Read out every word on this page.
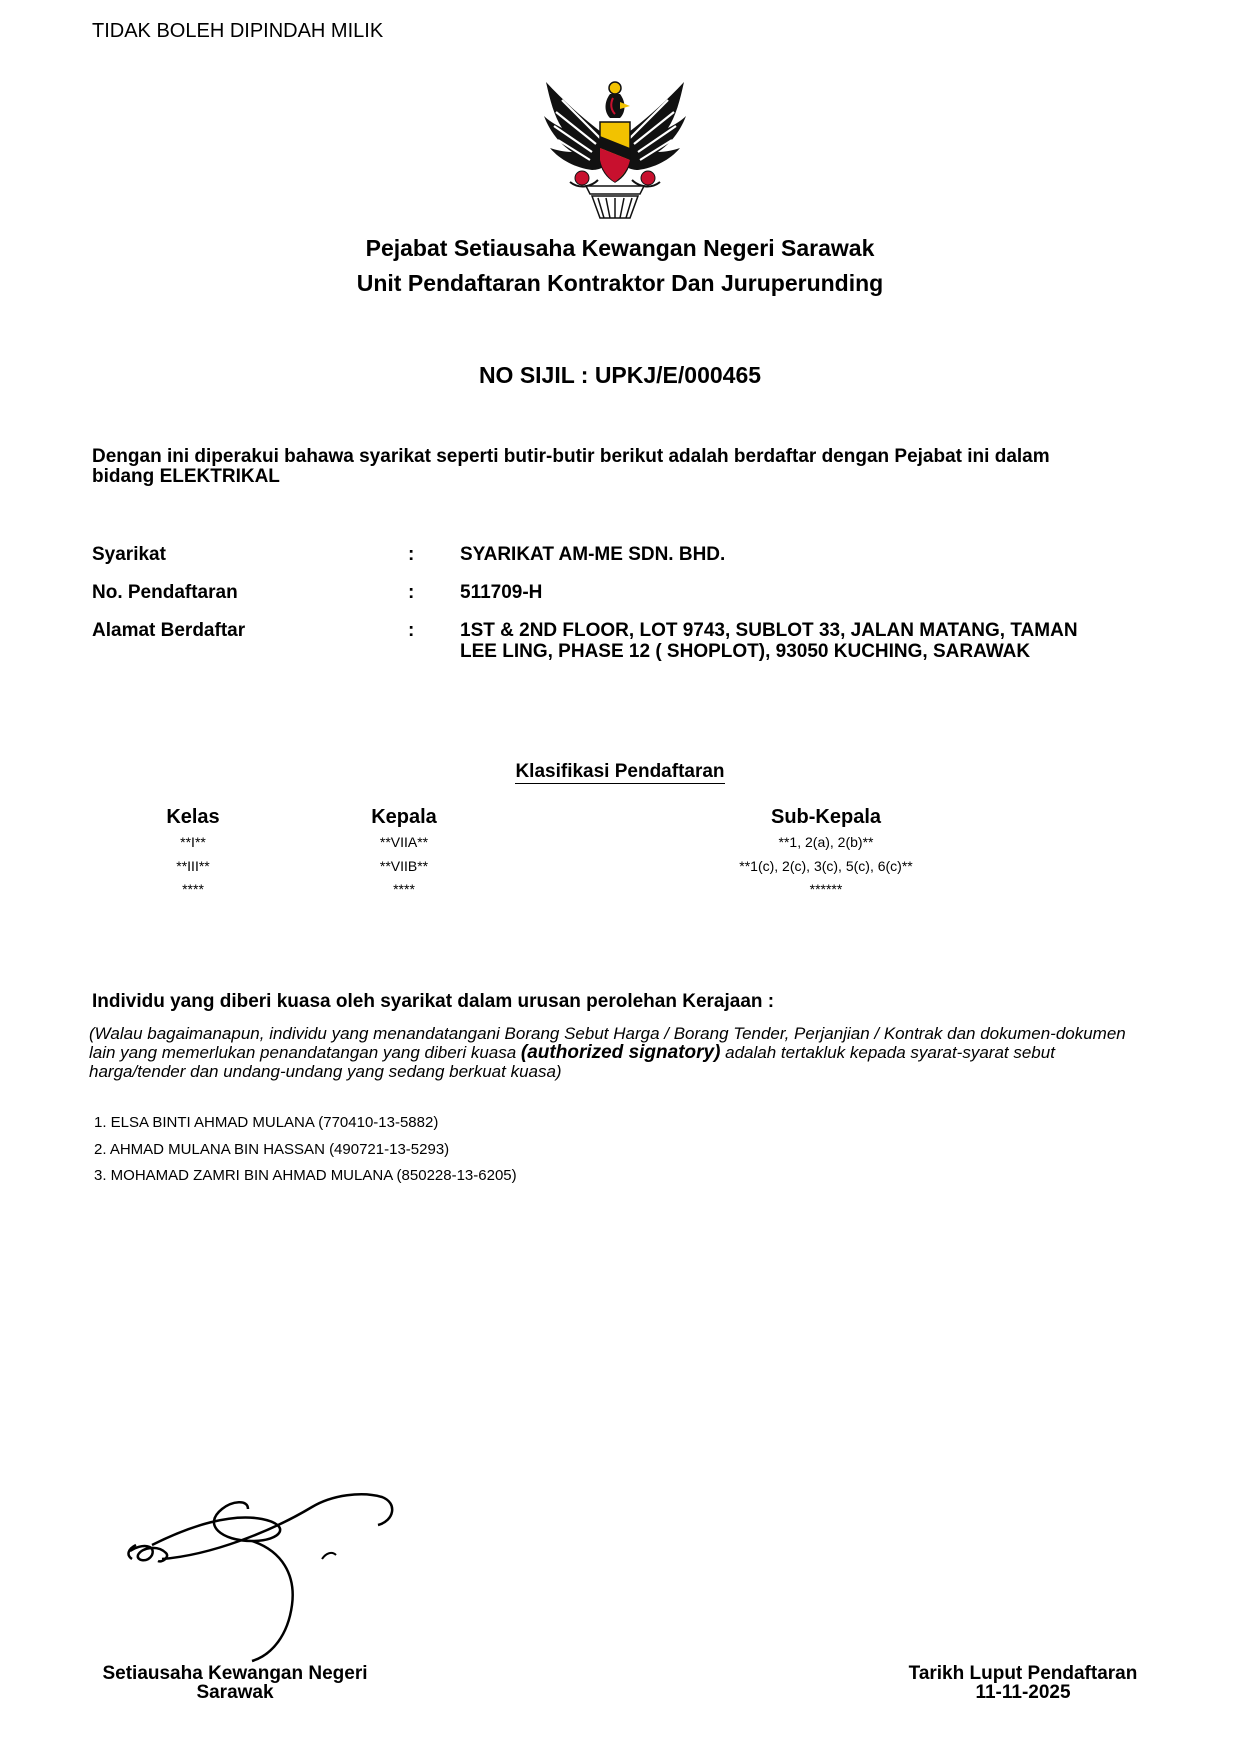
TIDAK BOLEH DIPINDAH MILIK
Pejabat Setiausaha Kewangan Negeri Sarawak
Unit Pendaftaran Kontraktor Dan Juruperunding
NO SIJIL : UPKJ/E/000465
Dengan ini diperakui bahawa syarikat seperti butir-butir berikut adalah berdaftar dengan Pejabat ini dalam bidang ELEKTRIKAL
Syarikat	: SYARIKAT AM-ME SDN. BHD.
No. Pendaftaran	: 511709-H
Alamat Berdaftar	: 1ST & 2ND FLOOR, LOT 9743, SUBLOT 33, JALAN MATANG, TAMAN LEE LING, PHASE 12 ( SHOPLOT), 93050 KUCHING, SARAWAK
Klasifikasi Pendaftaran
Kelas	Kepala	Sub-Kepala
**I**	**VIIA**	**1, 2(a), 2(b)**
**III**	**VIIB**	**1(c), 2(c), 3(c), 5(c), 6(c)**
****	****	******
Individu yang diberi kuasa oleh syarikat dalam urusan perolehan Kerajaan :
(Walau bagaimanapun, individu yang menandatangani Borang Sebut Harga / Borang Tender, Perjanjian / Kontrak dan dokumen-dokumen lain yang memerlukan penandatangan yang diberi kuasa (authorized signatory) adalah tertakluk kepada syarat-syarat sebut harga/tender dan undang-undang yang sedang berkuat kuasa)
1. ELSA BINTI AHMAD MULANA (770410-13-5882)
2. AHMAD MULANA BIN HASSAN (490721-13-5293)
3. MOHAMAD ZAMRI BIN AHMAD MULANA (850228-13-6205)
Setiausaha Kewangan Negeri
Sarawak
Tarikh Luput Pendaftaran
11-11-2025
